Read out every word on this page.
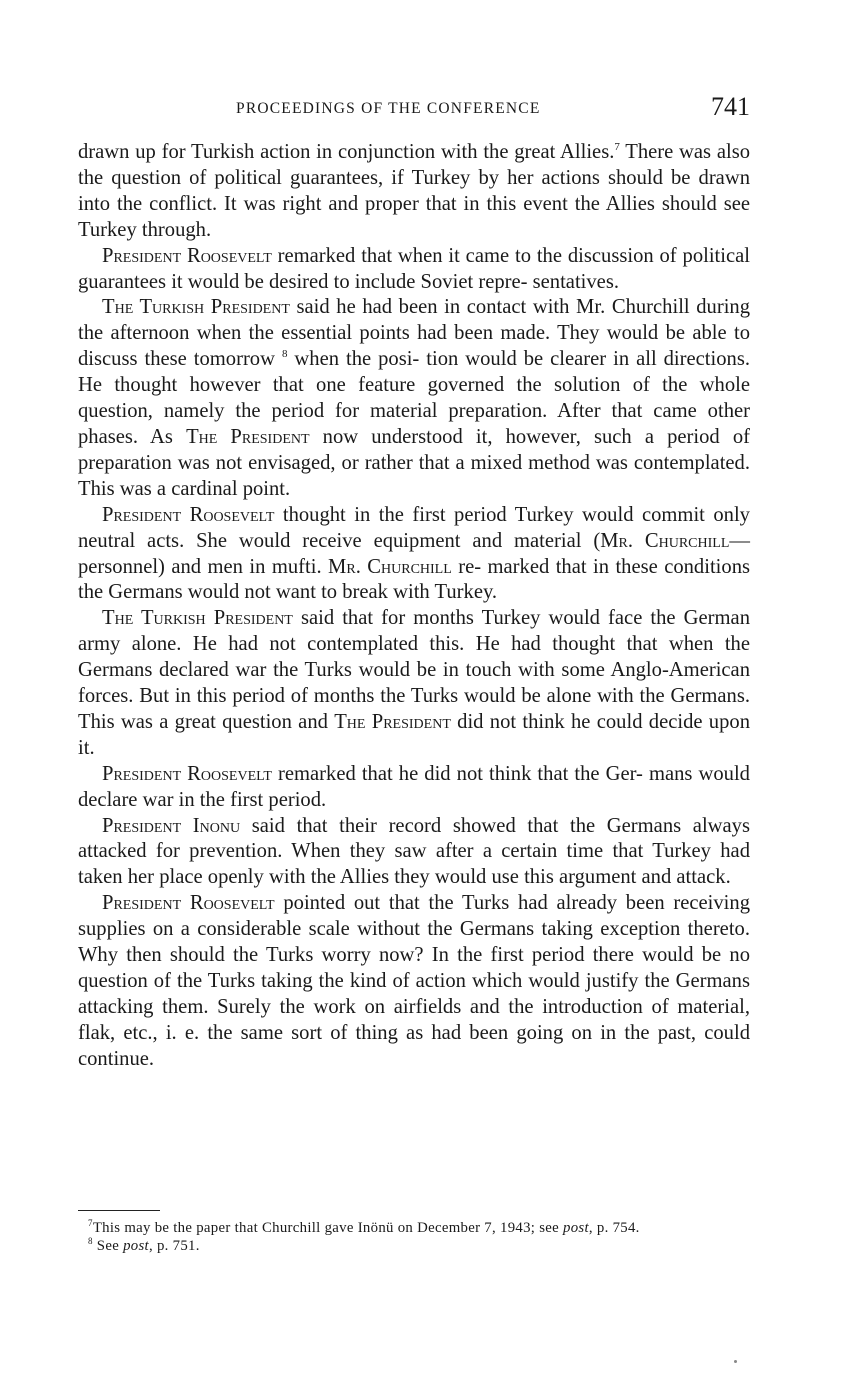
PROCEEDINGS OF THE CONFERENCE	741

drawn up for Turkish action in conjunction with the great Allies.$^7$ There was also the question of political guarantees, if Turkey by her actions should be drawn into the conflict. It was right and proper that in this event the Allies should see Turkey through.

President Roosevelt remarked that when it came to the discussion of political guarantees it would be desired to include Soviet repre- sentatives.

The Turkish President said he had been in contact with Mr. Churchill during the afternoon when the essential points had been made. They would be able to discuss these tomorrow $^8$ when the posi- tion would be clearer in all directions. He thought however that one feature governed the solution of the whole question, namely the period for material preparation. After that came other phases. As The President now understood it, however, such a period of preparation was not envisaged, or rather that a mixed method was contemplated. This was a cardinal point.

President Roosevelt thought in the first period Turkey would commit only neutral acts. She would receive equipment and material (Mr. Churchill—personnel) and men in mufti. Mr. Churchill re- marked that in these conditions the Germans would not want to break with Turkey.

The Turkish President said that for months Turkey would face the German army alone. He had not contemplated this. He had thought that when the Germans declared war the Turks would be in touch with some Anglo-American forces. But in this period of months the Turks would be alone with the Germans. This was a great question and The President did not think he could decide upon it.

President Roosevelt remarked that he did not think that the Ger- mans would declare war in the first period.

President Inonu said that their record showed that the Germans always attacked for prevention. When they saw after a certain time that Turkey had taken her place openly with the Allies they would use this argument and attack.

President Roosevelt pointed out that the Turks had already been receiving supplies on a considerable scale without the Germans taking exception thereto. Why then should the Turks worry now? In the first period there would be no question of the Turks taking the kind of action which would justify the Germans attacking them. Surely the work on airfields and the introduction of material, flak, etc., i. e. the same sort of thing as had been going on in the past, could continue.

$^7$This may be the paper that Churchill gave Inönü on December 7, 1943; see post, p. 754.

$^8$ See post, p. 751.
